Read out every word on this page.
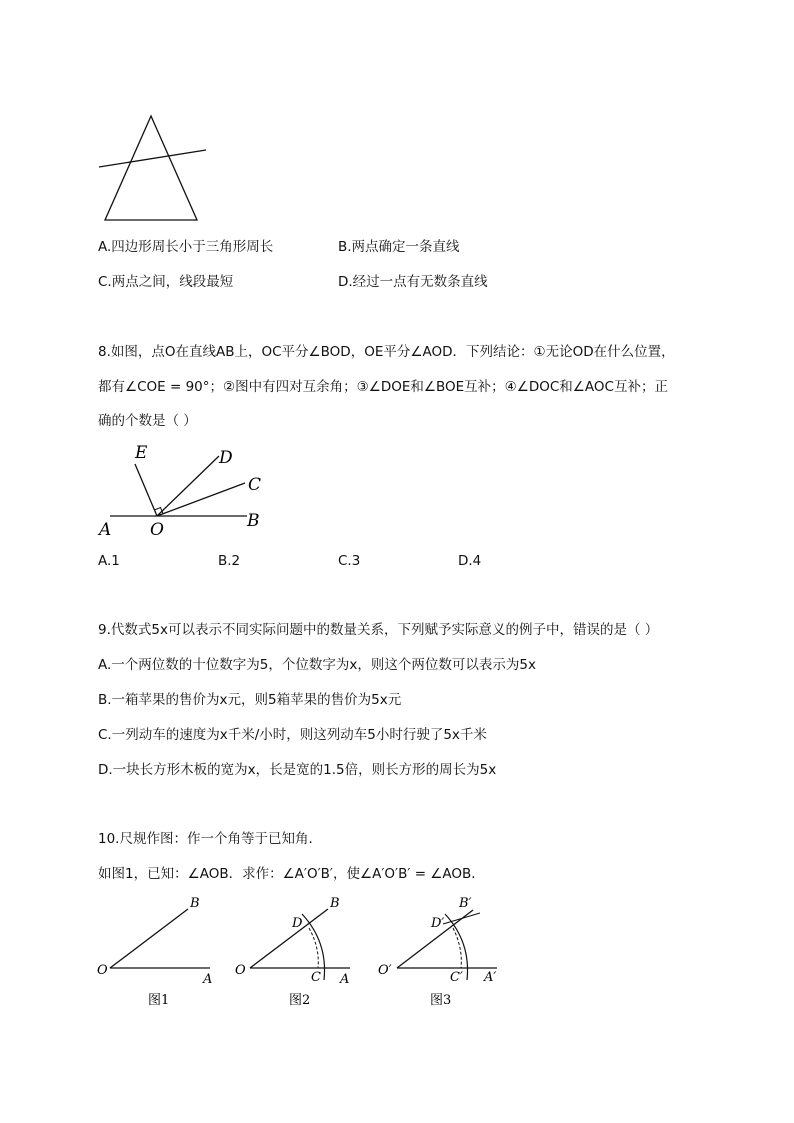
A.四边形周长小于三角形周长	B.两点确定一条直线
C.两点之间，线段最短	D.经过一点有无数条直线
8.如图，点O在直线AB上，OC平分∠BOD，OE平分∠AOD．下列结论：①无论OD在什么位置，
都有∠COE = 90°；②图中有四对互余角；③∠DOE和∠BOE互补；④∠DOC和∠AOC互补；正
确的个数是（ ）
E	D
C
A O	B
A.1	B.2	C.3	D.4
9.代数式5x可以表示不同实际问题中的数量关系，下列赋予实际意义的例子中，错误的是（ ）
A.一个两位数的十位数字为5，个位数字为x，则这个两位数可以表示为5x
B.一箱苹果的售价为x元，则5箱苹果的售价为5x元
C.一列动车的速度为x千米/小时，则这列动车5小时行驶了5x千米
D.一块长方形木板的宽为x，长是宽的1.5倍，则长方形的周长为5x
10.尺规作图：作一个角等于已知角．
如图1，已知：∠AOB．求作：∠A′O′B′，使∠A′O′B′ = ∠AOB．
B
O
A
图1
B
D
O	C A
图2
B′
D′
O′	C′ A′
图3
